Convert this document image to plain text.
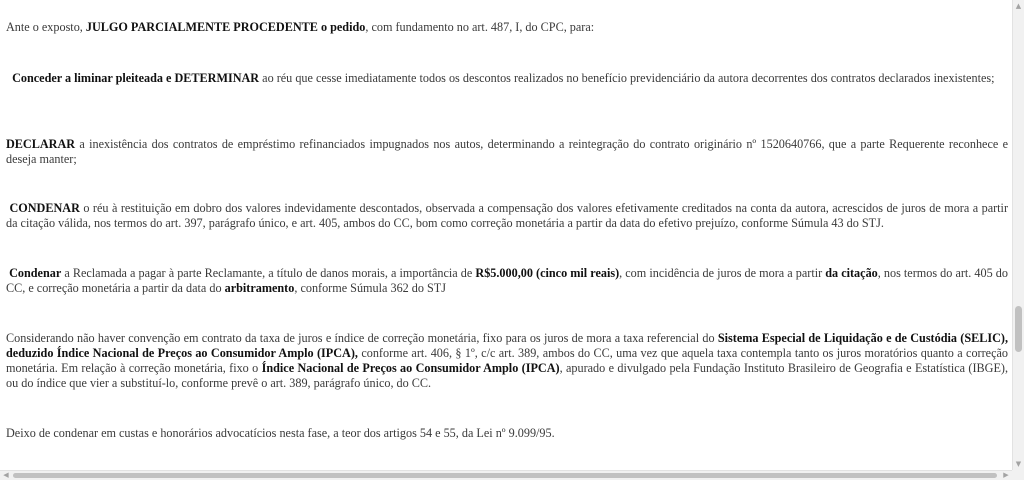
Ante o exposto, JULGO PARCIALMENTE PROCEDENTE o pedido, com fundamento no art. 487, I, do CPC, para:

Conceder a liminar pleiteada e DETERMINAR ao réu que cesse imediatamente todos os descontos realizados no benefício previdenciário da autora decorrentes dos contratos declarados inexistentes;

DECLARAR a inexistência dos contratos de empréstimo refinanciados impugnados nos autos, determinando a reintegração do contrato originário nº 1520640766, que a parte Requerente reconhece e deseja manter;

CONDENAR o réu à restituição em dobro dos valores indevidamente descontados, observada a compensação dos valores efetivamente creditados na conta da autora, acrescidos de juros de mora a partir da citação válida, nos termos do art. 397, parágrafo único, e art. 405, ambos do CC, bom como correção monetária a partir da data do efetivo prejuízo, conforme Súmula 43 do STJ.

Condenar a Reclamada a pagar à parte Reclamante, a título de danos morais, a importância de R$5.000,00 (cinco mil reais), com incidência de juros de mora a partir da citação, nos termos do art. 405 do CC, e correção monetária a partir da data do arbitramento, conforme Súmula 362 do STJ

Considerando não haver convenção em contrato da taxa de juros e índice de correção monetária, fixo para os juros de mora a taxa referencial do Sistema Especial de Liquidação e de Custódia (SELIC), deduzido Índice Nacional de Preços ao Consumidor Amplo (IPCA), conforme art. 406, § 1º, c/c art. 389, ambos do CC, uma vez que aquela taxa contempla tanto os juros moratórios quanto a correção monetária. Em relação à correção monetária, fixo o Índice Nacional de Preços ao Consumidor Amplo (IPCA), apurado e divulgado pela Fundação Instituto Brasileiro de Geografia e Estatística (IBGE), ou do índice que vier a substituí-lo, conforme prevê o art. 389, parágrafo único, do CC.

Deixo de condenar em custas e honorários advocatícios nesta fase, a teor dos artigos 54 e 55, da Lei nº 9.099/95.

▲
▼
◀	▶
